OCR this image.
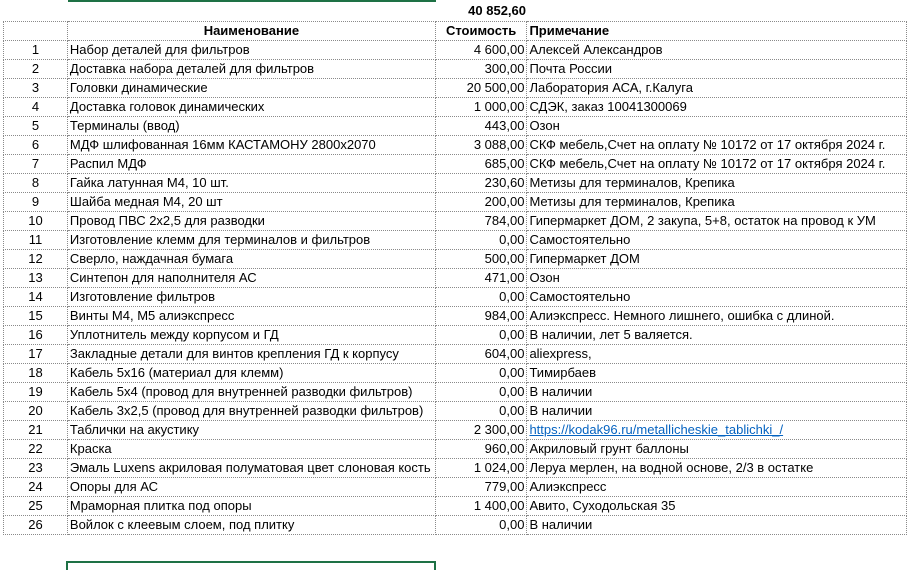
40 852,60
	Наименование	Стоимость	Примечание
1	Набор деталей для фильтров	4 600,00	Алексей Александров
2	Доставка набора деталей для фильтров	300,00	Почта России
3	Головки динамические	20 500,00	Лаборатория АСА, г.Калуга
4	Доставка головок динамических	1 000,00	СДЭК, заказ 10041300069
5	Терминалы (ввод)	443,00	Озон
6	МДФ шлифованная 16мм КАСТАМОНУ 2800х2070	3 088,00	СКФ мебель,Счет на оплату № 10172 от 17 октября 2024 г.
7	Распил МДФ	685,00	СКФ мебель,Счет на оплату № 10172 от 17 октября 2024 г.
8	Гайка латунная М4, 10 шт.	230,60	Метизы для терминалов, Крепика
9	Шайба медная М4, 20 шт	200,00	Метизы для терминалов, Крепика
10	Провод ПВС 2х2,5 для разводки	784,00	Гипермаркет ДОМ, 2 закупа, 5+8, остаток на провод к УМ
11	Изготовление клемм для терминалов и фильтров	0,00	Самостоятельно
12	Сверло, наждачная бумага	500,00	Гипермаркет ДОМ
13	Синтепон для наполнителя АС	471,00	Озон
14	Изготовление фильтров	0,00	Самостоятельно
15	Винты М4, М5 алиэкспресс	984,00	Алиэкспресс. Немного лишнего, ошибка с длиной.
16	Уплотнитель между корпусом и ГД	0,00	В наличии, лет 5 валяется.
17	Закладные детали для винтов крепления ГД к корпусу	604,00	aliexpress,
18	Кабель 5х16 (материал для клемм)	0,00	Тимирбаев
19	Кабель 5х4 (провод для внутренней разводки фильтров)	0,00	В наличии
20	Кабель 3х2,5 (провод для внутренней разводки фильтров)	0,00	В наличии
21	Таблички на акустику	2 300,00	https://kodak96.ru/metallicheskie_tablichki_/
22	Краска	960,00	Акриловый грунт баллоны
23	Эмаль Luxens акриловая полуматовая цвет слоновая кость	1 024,00	Леруа мерлен, на водной основе, 2/3 в остатке
24	Опоры для АС	779,00	Алиэкспресс
25	Мраморная плитка под опоры	1 400,00	Авито, Суходольская 35
26	Войлок с клеевым слоем, под плитку	0,00	В наличии
